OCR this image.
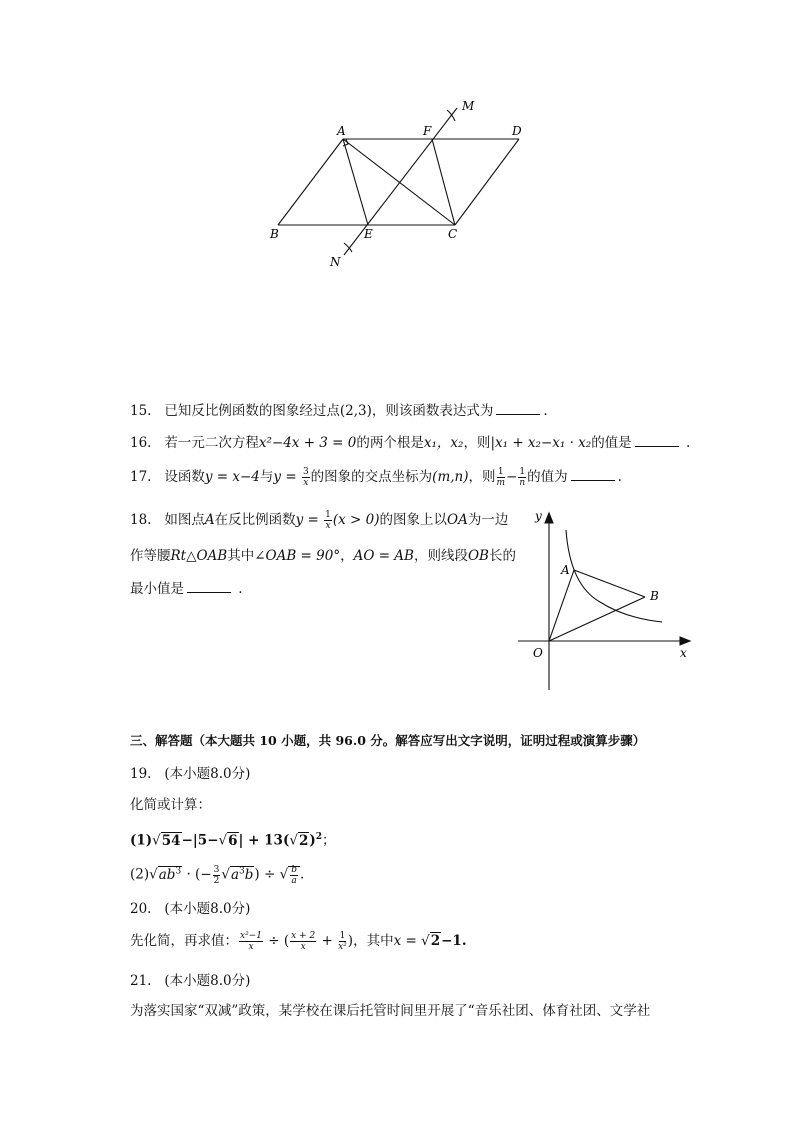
A	F	D
M
B	E	C
N
15. 已知反比例函数的图象经过点(2,3)，则该函数表达式为	.
16. 若一元二次方程x²−4x + 3 = 0的两个根是x₁，x₂，则|x₁ + x₂−x₁ · x₂的值是	.
17. 设函数y = x−4与$y = \frac{3}{x}$ 的图象的交点坐标为(m,n)，则 $\frac{1}{m} - \frac{1}{n}$ 的值为	.
18. 如图点A在反比例函数$y = \frac{1}{x} (x > 0)$的图象上以OA为一边
作等腰Rt△OAB其中∠OAB = 90°，AO = AB，则线段OB长的
最小值是	.
y
x
O
A
B
三、解答题（本大题共 10 小题，共 96.0 分。解答应写出文字说明，证明过程或演算步骤）
19. (本小题8.0分)
化简或计算：
$(1)√54-|5-√6| + 13(√2)^2$；
$(2)√ab^3$ · (− $\frac{3}{2} √a^3b$) ÷ √ $\frac{b}{a}$ .
20. (本小题8.0分)
先化简，再求值： $\frac{\text{x²−1}}{x}$ ÷ ( $\frac{x + 2}{x} + \frac{1}{\text{x²}}$ )，其中x = √2−1.
21. (本小题8.0分)
为落实国家“双减”政策，某学校在课后托管时间里开展了“音乐社团、体育社团、文学社
